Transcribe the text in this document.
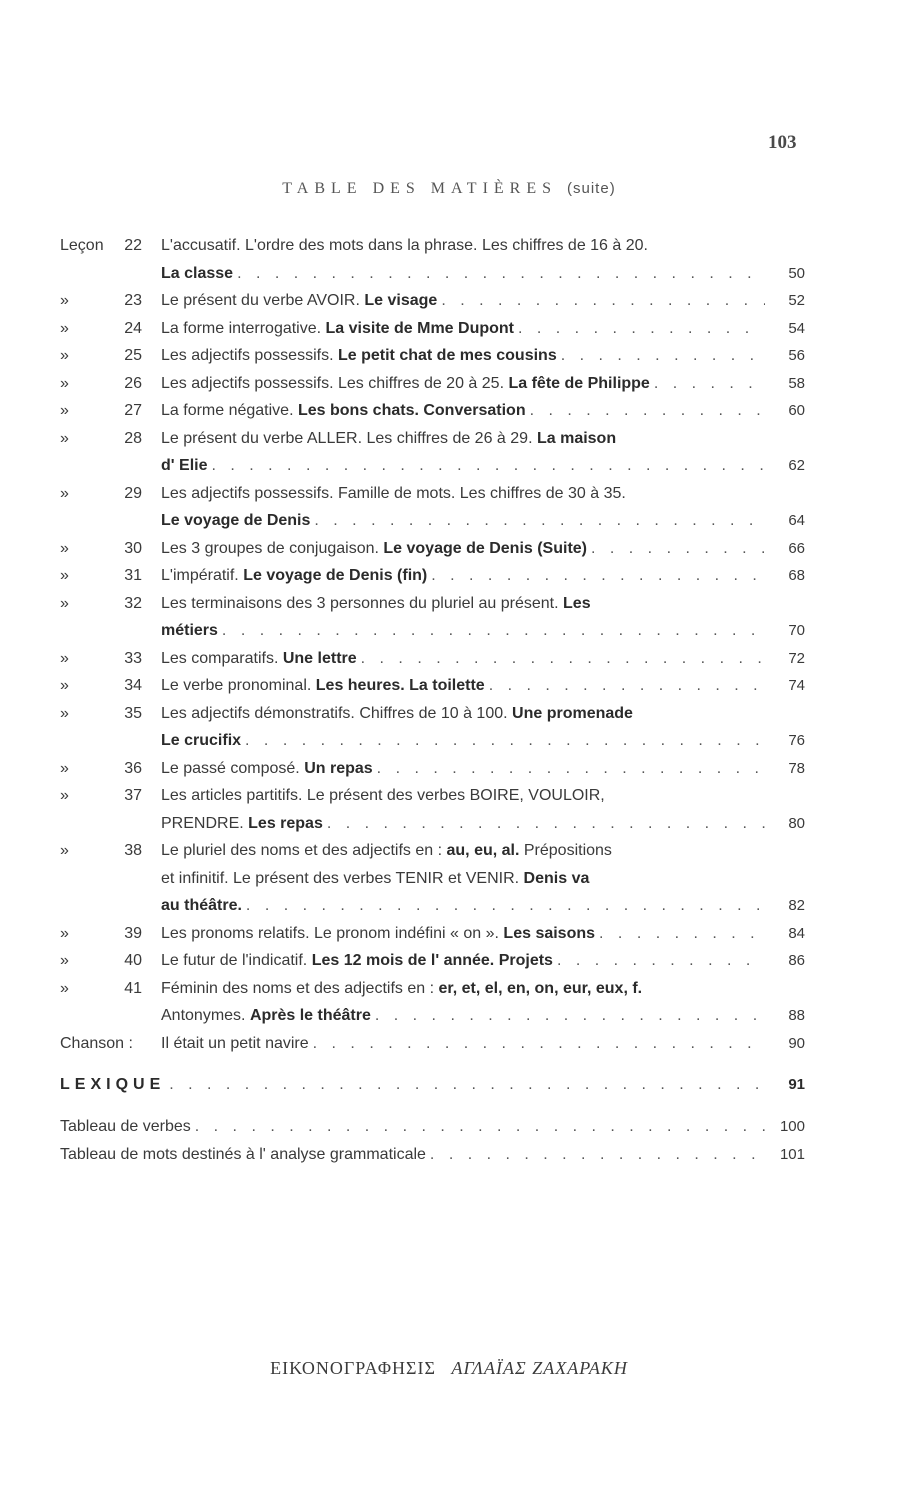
103
TABLE DES MATIÈRES (suite)
Leçon 22 L'accusatif. L'ordre des mots dans la phrase. Les chiffres de 16 à 20.
La classe . . .	50
»	23 Le présent du verbe AVOIR. Le visage . . .	52
»	24 La forme interrogative. La visite de Mme Dupont . . .	54
»	25 Les adjectifs possessifs. Le petit chat de mes cousins . . .	56
»	26 Les adjectifs possessifs. Les chiffres de 20 à 25. La fête de Philippe . . .	58
»	27 La forme négative. Les bons chats. Conversation . . .	60
»	28 Le présent du verbe ALLER. Les chiffres de 26 à 29. La maison
d' Elie . . .	62
»	29 Les adjectifs possessifs. Famille de mots. Les chiffres de 30 à 35.
Le voyage de Denis . . .	64
»	30 Les 3 groupes de conjugaison. Le voyage de Denis (Suite) . . .	66
»	31 L'impératif. Le voyage de Denis (fin) . . .	68
»	32 Les terminaisons des 3 personnes du pluriel au présent. Les
métiers . . .	70
»	33 Les comparatifs. Une lettre . . .	72
»	34 Le verbe pronominal. Les heures. La toilette . . .	74
»	35 Les adjectifs démonstratifs. Chiffres de 10 à 100. Une promenade
Le crucifix . . .	76
»	36 Le passé composé. Un repas . . .	78
»	37 Les articles partitifs. Le présent des verbes BOIRE, VOULOIR,
PRENDRE. Les repas . . .	80
»	38 Le pluriel des noms et des adjectifs en : au, eu, al. Prépositions
et infinitif. Le présent des verbes TENIR et VENIR. Denis va
au théâtre. . . .	82
»	39 Les pronoms relatifs. Le pronom indéfini « on ». Les saisons . . .	84
»	40 Le futur de l'indicatif. Les 12 mois de l' année. Projets . . .	86
»	41 Féminin des noms et des adjectifs en : er, et, el, en, on, eur, eux, f.
Antonymes. Après le théâtre . . .	88
Chanson : Il était un petit navire . . .	90
LEXIQUE . . .	91
Tableau de verbes . . .	100
Tableau de mots destinés à l' analyse grammaticale . . .	101
ΕΙΚΟΝΟΓΡΑΦΗΣΙΣ ΑΓΛΑΪΑΣ ΖΑΧΑΡΑΚΗ
